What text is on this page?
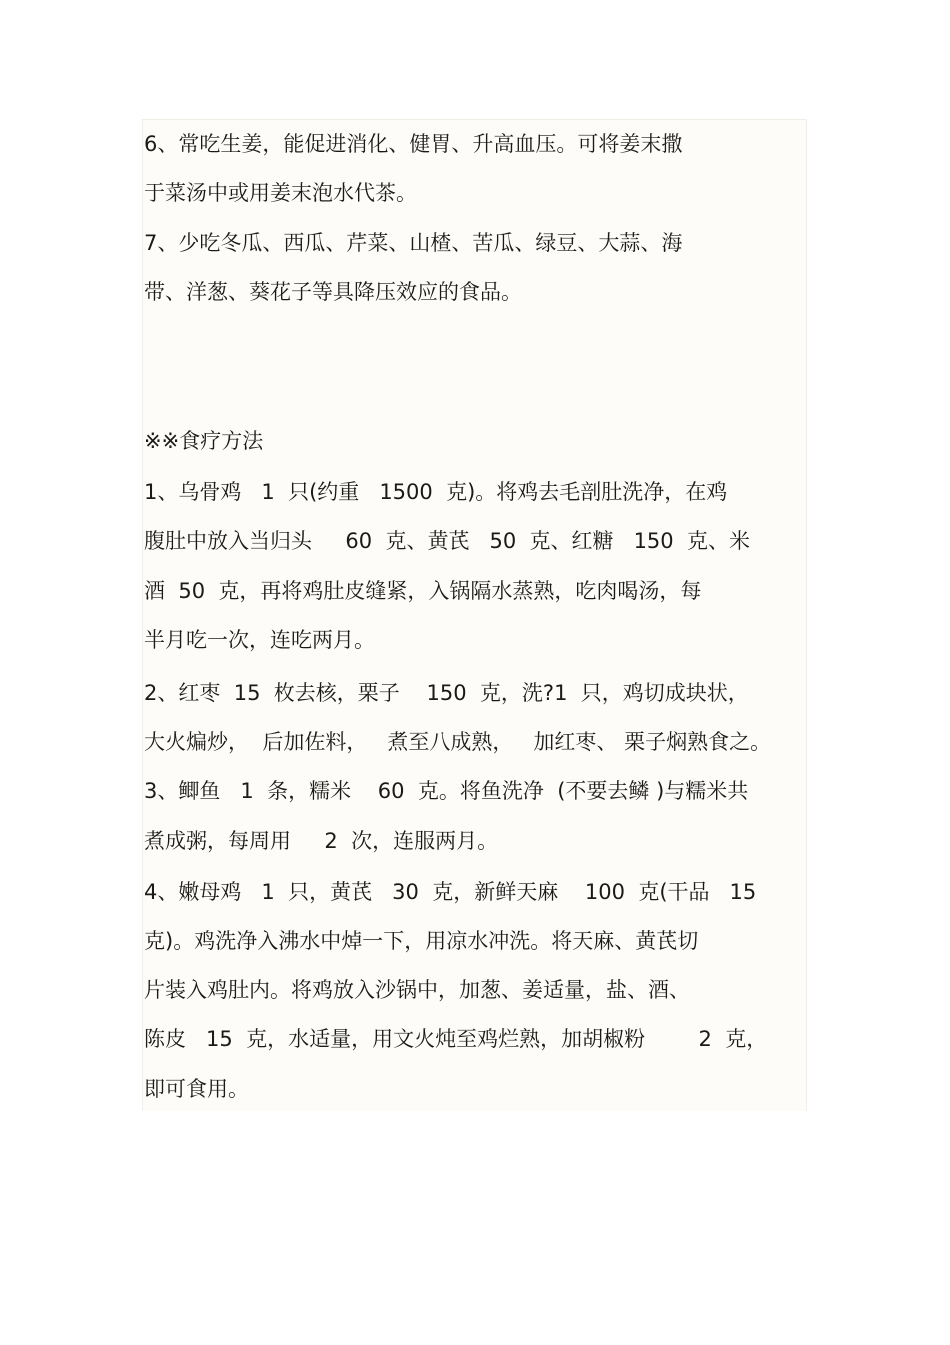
6、常吃生姜，能促进消化、健胃、升高血压。可将姜末撒
于菜汤中或用姜末泡水代茶。
7、少吃冬瓜、西瓜、芹菜、山楂、苦瓜、绿豆、大蒜、海
带、洋葱、葵花子等具降压效应的食品。
※※食疗方法
1、乌骨鸡   1  只(约重   1500  克)。将鸡去毛剖肚洗净，在鸡
腹肚中放入当归头     60  克、黄芪   50  克、红糖   150  克、米
酒  50  克，再将鸡肚皮缝紧，入锅隔水蒸熟，吃肉喝汤，每
半月吃一次，连吃两月。
2、红枣  15  枚去核，栗子    150  克，洗?1  只，鸡切成块状，
大火煸炒，  后加佐料，   煮至八成熟，   加红枣、 栗子焖熟食之。
3、鲫鱼   1  条，糯米    60  克。将鱼洗净  (不要去鳞 )与糯米共
煮成粥，每周用     2  次，连服两月。
4、嫩母鸡   1  只，黄芪   30  克，新鲜天麻    100  克(干品   15
克)。鸡洗净入沸水中焯一下，用凉水冲洗。将天麻、黄芪切
片装入鸡肚内。将鸡放入沙锅中，加葱、姜适量，盐、酒、
陈皮   15  克，水适量，用文火炖至鸡烂熟，加胡椒粉        2  克，
即可食用。
